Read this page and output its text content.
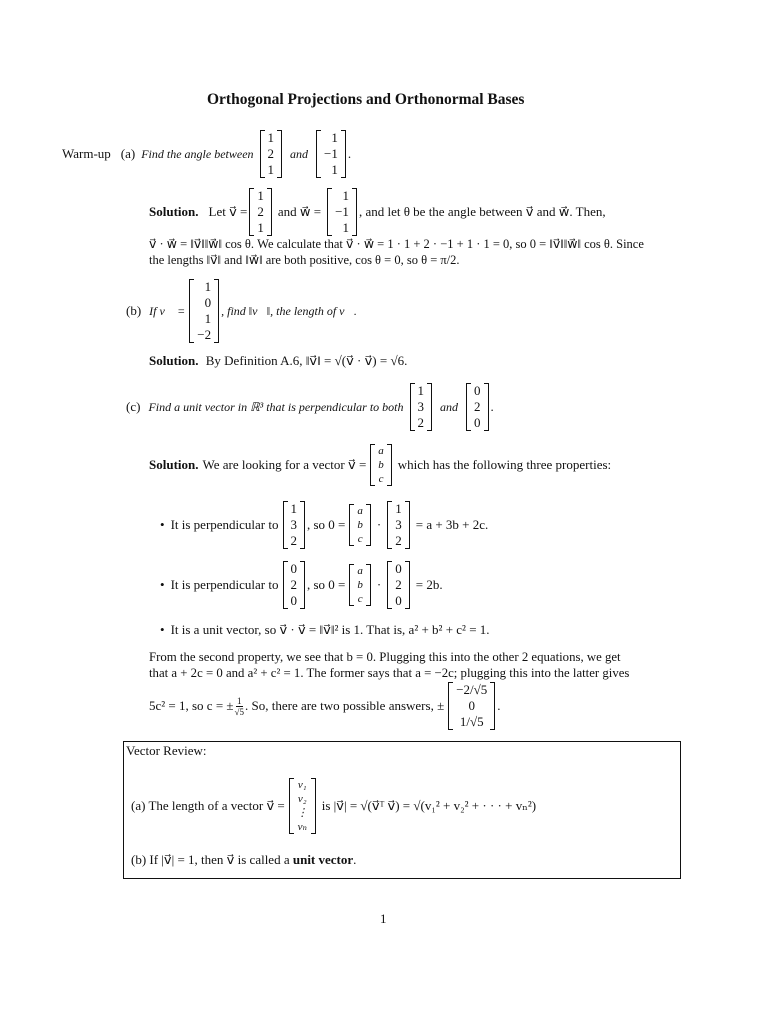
Orthogonal Projections and Orthonormal Bases
Warm-up (a) Find the angle between
1
2
1
and
1
−1
1
.
Solution. Let v⃗ =
1
2
1
and w⃗ =
1
−1
1
, and let θ be the angle between v⃗ and w⃗. Then,
v⃗ · w⃗ = ‖v⃗‖‖w⃗‖ cos θ. We calculate that v⃗ · w⃗ = 1 · 1 + 2 · −1 + 1 · 1 = 0, so 0 = ‖v⃗‖‖w⃗‖ cos θ. Since
the lengths ‖v⃗‖ and ‖w⃗‖ are both positive, cos θ = 0, so θ = π/2.
(b) If v⃗ =
1
0
1
−2
, find ‖v⃗‖, the length of v⃗.
Solution. By Definition A.6, ‖v⃗‖ = √(v⃗ · v⃗) = √6.
(c) Find a unit vector in ℝ³ that is perpendicular to both
1
3
2
and
0
2
0
.
Solution. We are looking for a vector v⃗ =
a
b
c
which has the following three properties:
• It is perpendicular to
1
3
2
, so 0 =
a
b
c
·
1
3
2
= a + 3b + 2c.
• It is perpendicular to
0
2
0
, so 0 =
a
b
c
·
0
2
0
= 2b.
• It is a unit vector, so v⃗ · v⃗ = ‖v⃗‖² is 1. That is, a² + b² + c² = 1.
From the second property, we see that b = 0. Plugging this into the other 2 equations, we get
that a + 2c = 0 and a² + c² = 1. The former says that a = −2c; plugging this into the latter gives
5c² = 1, so c = ± $\frac{1}{√5}$ . So, there are two possible answers, ±
−2/√5
0
1/√5
.
Vector Review:
(a) The length of a vector v⃗ =
v₁
v₂
⋮
vₙ
is |v⃗| = √(v⃗ᵀ v⃗) = √(v₁² + v₂² + · · · + vₙ²)
(b) If |v⃗| = 1, then v⃗ is called a unit vector.
1
